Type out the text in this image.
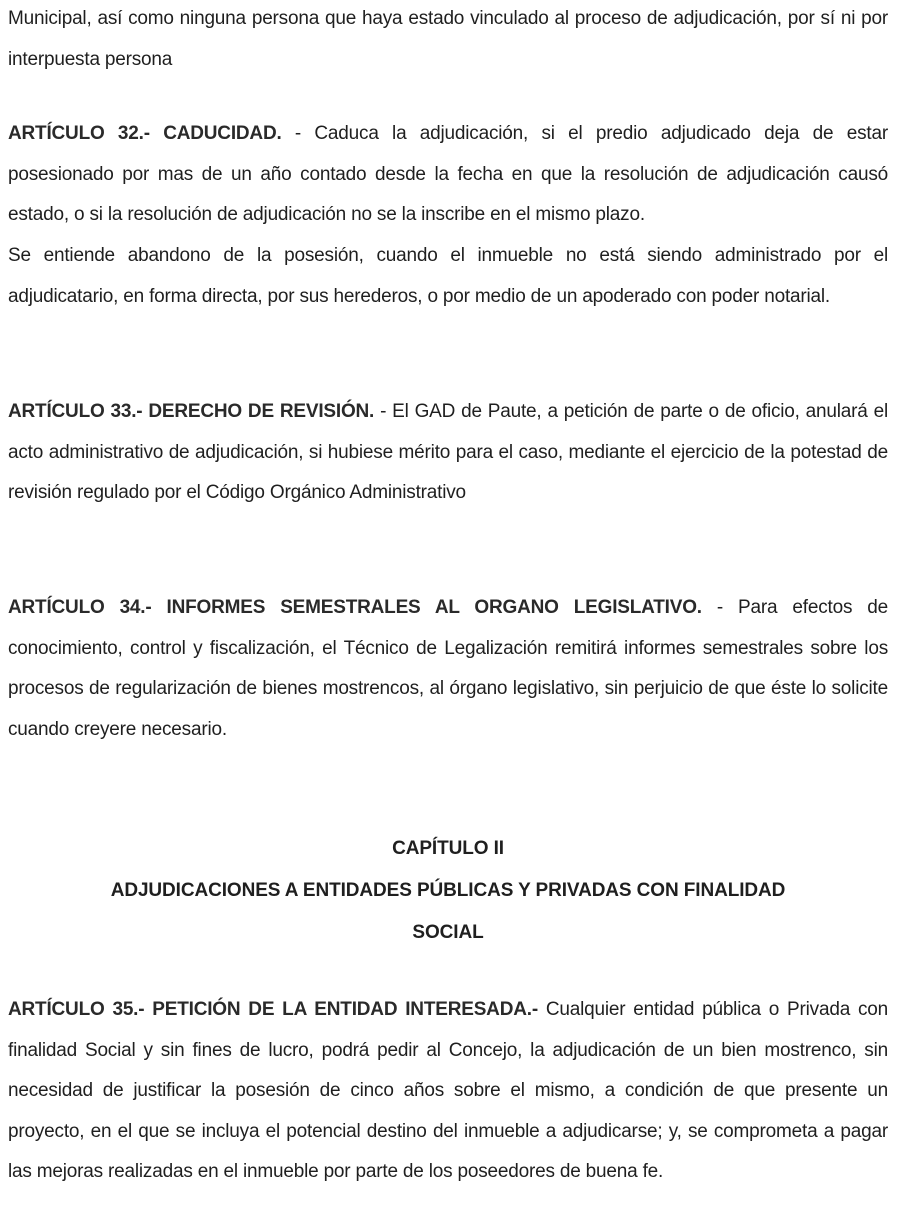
Municipal, así como ninguna persona que haya estado vinculado al proceso de adjudicación, por sí ni por interpuesta persona

ARTÍCULO 32.- CADUCIDAD. - Caduca la adjudicación, si el predio adjudicado deja de estar posesionado por mas de un año contado desde la fecha en que la resolución de adjudicación causó estado, o si la resolución de adjudicación no se la inscribe en el mismo plazo.

Se entiende abandono de la posesión, cuando el inmueble no está siendo administrado por el adjudicatario, en forma directa, por sus herederos, o por medio de un apoderado con poder notarial.

ARTÍCULO 33.- DERECHO DE REVISIÓN. - El GAD de Paute, a petición de parte o de oficio, anulará el acto administrativo de adjudicación, si hubiese mérito para el caso, mediante el ejercicio de la potestad de revisión regulado por el Código Orgánico Administrativo

ARTÍCULO 34.- INFORMES SEMESTRALES AL ORGANO LEGISLATIVO. - Para efectos de conocimiento, control y fiscalización, el Técnico de Legalización remitirá informes semestrales sobre los procesos de regularización de bienes mostrencos, al órgano legislativo, sin perjuicio de que éste lo solicite cuando creyere necesario.

CAPÍTULO II
ADJUDICACIONES A ENTIDADES PÚBLICAS Y PRIVADAS CON FINALIDAD
SOCIAL

ARTÍCULO 35.- PETICIÓN DE LA ENTIDAD INTERESADA.- Cualquier entidad pública o Privada con finalidad Social y sin fines de lucro, podrá pedir al Concejo, la adjudicación de un bien mostrenco, sin necesidad de justificar la posesión de cinco años sobre el mismo, a condición de que presente un proyecto, en el que se incluya el potencial destino del inmueble a adjudicarse; y, se comprometa a pagar las mejoras realizadas en el inmueble por parte de los poseedores de buena fe.
